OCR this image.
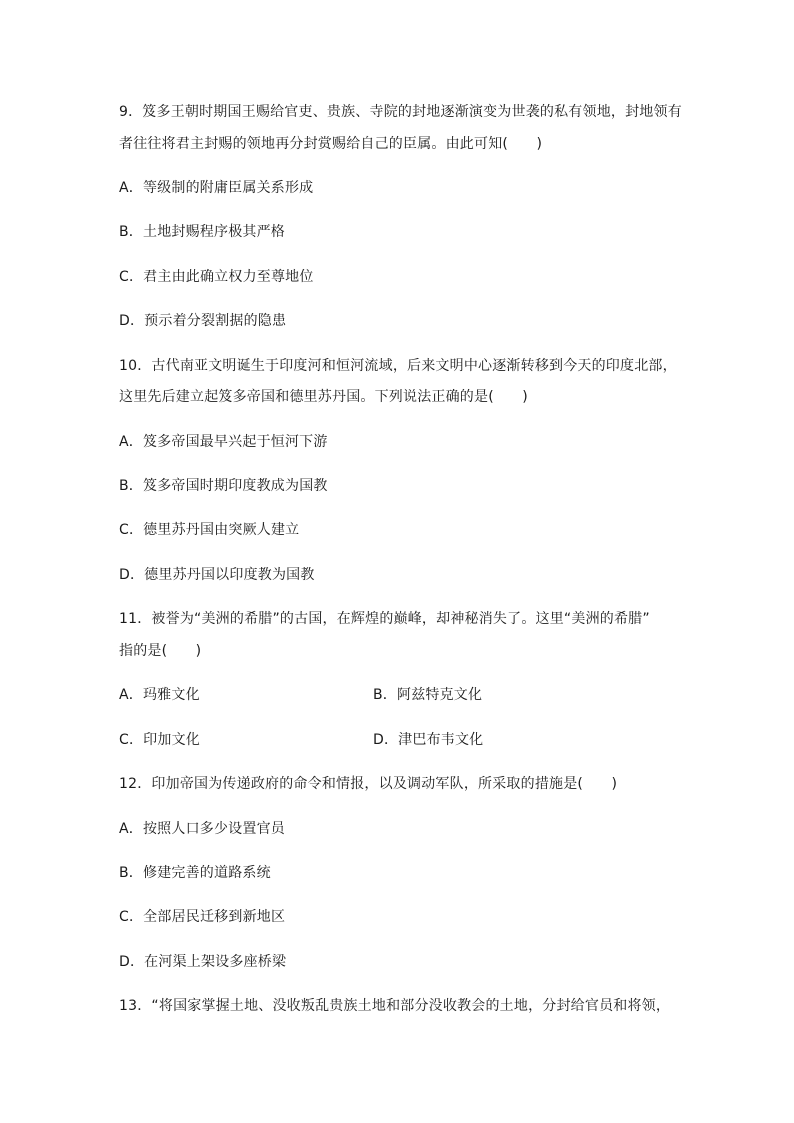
9．笈多王朝时期国王赐给官吏、贵族、寺院的封地逐渐演变为世袭的私有领地，封地领有
者往往将君主封赐的领地再分封赏赐给自己的臣属。由此可知(　　)
A．等级制的附庸臣属关系形成
B．土地封赐程序极其严格
C．君主由此确立权力至尊地位
D．预示着分裂割据的隐患
10．古代南亚文明诞生于印度河和恒河流域，后来文明中心逐渐转移到今天的印度北部，
这里先后建立起笈多帝国和德里苏丹国。下列说法正确的是(　　)
A．笈多帝国最早兴起于恒河下游
B．笈多帝国时期印度教成为国教
C．德里苏丹国由突厥人建立
D．德里苏丹国以印度教为国教
11．被誉为“美洲的希腊”的古国，在辉煌的巅峰，却神秘消失了。这里“美洲的希腊”
指的是(　　)
A．玛雅文化	B．阿兹特克文化
C．印加文化	D．津巴布韦文化
12．印加帝国为传递政府的命令和情报，以及调动军队，所采取的措施是(　　)
A．按照人口多少设置官员
B．修建完善的道路系统
C．全部居民迁移到新地区
D．在河渠上架设多座桥梁
13．“将国家掌握土地、没收叛乱贵族土地和部分没收教会的土地，分封给官员和将领，
